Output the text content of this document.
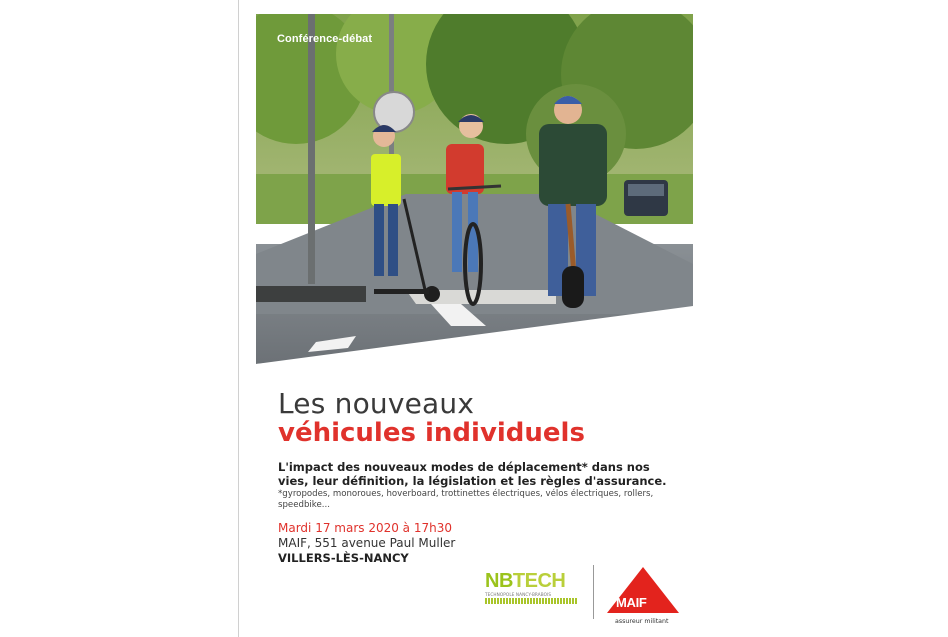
Conférence-débat
Les nouveaux
véhicules individuels
L'impact des nouveaux modes de déplacement* dans nos vies, leur définition, la législation et les règles d'assurance.
*gyropodes, monoroues, hoverboard, trottinettes électriques, vélos électriques, rollers, speedbike...
Mardi 17 mars 2020 à 17h30
MAIF, 551 avenue Paul Muller
VILLERS-LÈS-NANCY
NBTECH
TECHNOPOLE NANCY-BRABOIS
MAIF
assureur militant
